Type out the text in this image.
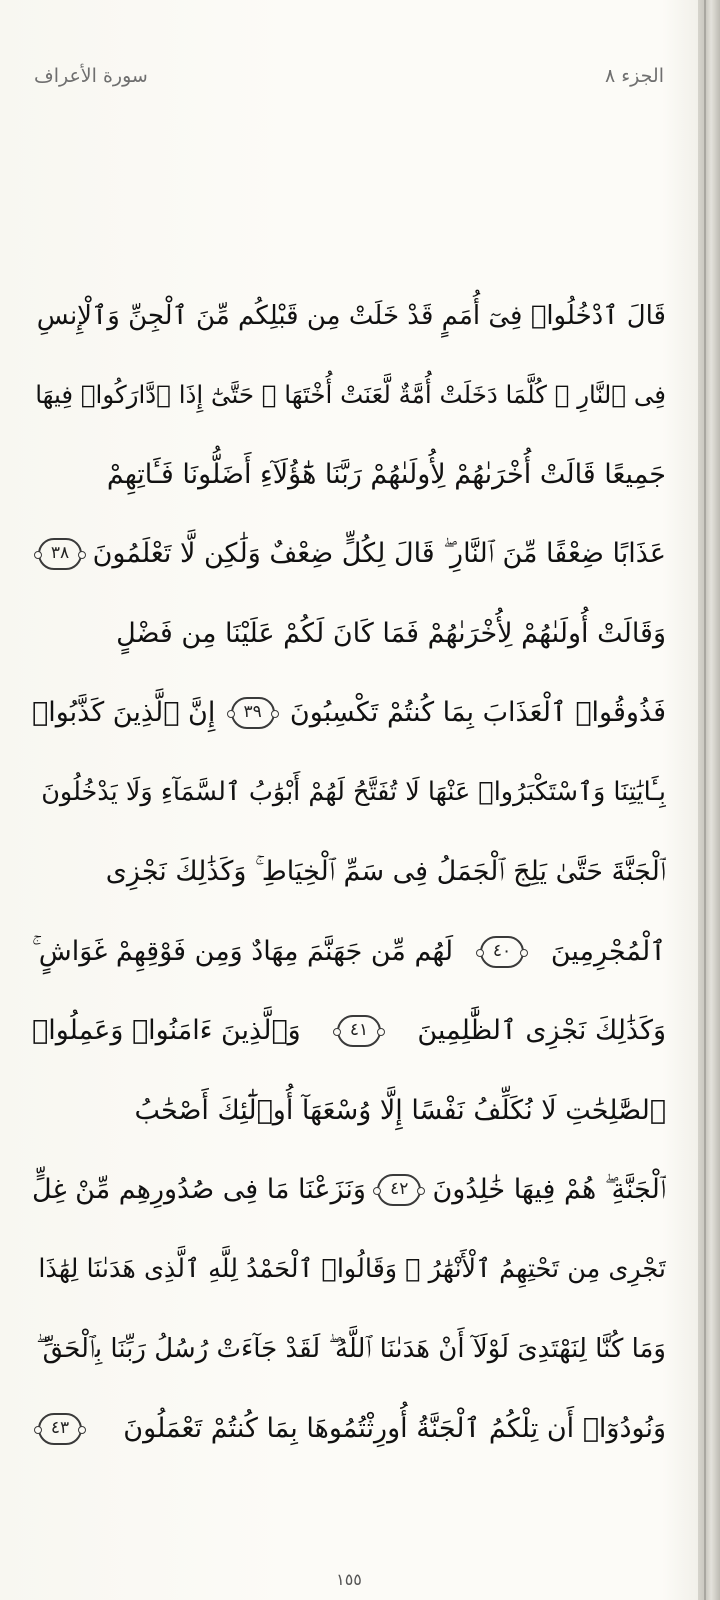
سورة الأعراف	الجزء ٨
قَالَ ٱدْخُلُوا۟ فِىٓ أُمَمٍ قَدْ خَلَتْ مِن قَبْلِكُم مِّنَ ٱلْجِنِّ وَٱلْإِنسِ
فِى ٱلنَّارِ ۖ كُلَّمَا دَخَلَتْ أُمَّةٌ لَّعَنَتْ أُخْتَهَا ۖ حَتَّىٰٓ إِذَا ٱدَّارَكُوا۟ فِيهَا
جَمِيعًا قَالَتْ أُخْرَىٰهُمْ لِأُولَىٰهُمْ رَبَّنَا هَٰٓؤُلَآءِ أَضَلُّونَا فَـَٔاتِهِمْ
عَذَابًا ضِعْفًا مِّنَ ٱلنَّارِ ۖ قَالَ لِكُلٍّ ضِعْفٌ وَلَٰكِن لَّا تَعْلَمُونَ
٣٨
وَقَالَتْ أُولَىٰهُمْ لِأُخْرَىٰهُمْ فَمَا كَانَ لَكُمْ عَلَيْنَا مِن فَضْلٍ
فَذُوقُوا۟ ٱلْعَذَابَ بِمَا كُنتُمْ تَكْسِبُونَ
٣٩
إِنَّ ٱلَّذِينَ كَذَّبُوا۟
بِـَٔايَٰتِنَا وَٱسْتَكْبَرُوا۟ عَنْهَا لَا تُفَتَّحُ لَهُمْ أَبْوَٰبُ ٱلسَّمَآءِ وَلَا يَدْخُلُونَ
ٱلْجَنَّةَ حَتَّىٰ يَلِجَ ٱلْجَمَلُ فِى سَمِّ ٱلْخِيَاطِ ۚ وَكَذَٰلِكَ نَجْزِى
ٱلْمُجْرِمِينَ
٤٠
لَهُم مِّن جَهَنَّمَ مِهَادٌ وَمِن فَوْقِهِمْ غَوَاشٍ ۚ
وَكَذَٰلِكَ نَجْزِى ٱلظَّٰلِمِينَ
٤١
وَٱلَّذِينَ ءَامَنُوا۟ وَعَمِلُوا۟
ٱلصَّٰلِحَٰتِ لَا نُكَلِّفُ نَفْسًا إِلَّا وُسْعَهَآ أُو۟لَٰٓئِكَ أَصْحَٰبُ
ٱلْجَنَّةِ ۖ هُمْ فِيهَا خَٰلِدُونَ
٤٢
وَنَزَعْنَا مَا فِى صُدُورِهِم مِّنْ غِلٍّ
تَجْرِى مِن تَحْتِهِمُ ٱلْأَنْهَٰرُ ۖ وَقَالُوا۟ ٱلْحَمْدُ لِلَّهِ ٱلَّذِى هَدَىٰنَا لِهَٰذَا
وَمَا كُنَّا لِنَهْتَدِىَ لَوْلَآ أَنْ هَدَىٰنَا ٱللَّهُ ۖ لَقَدْ جَآءَتْ رُسُلُ رَبِّنَا بِٱلْحَقِّ ۖ
وَنُودُوٓا۟ أَن تِلْكُمُ ٱلْجَنَّةُ أُورِثْتُمُوهَا بِمَا كُنتُمْ تَعْمَلُونَ
٤٣
١٥٥
